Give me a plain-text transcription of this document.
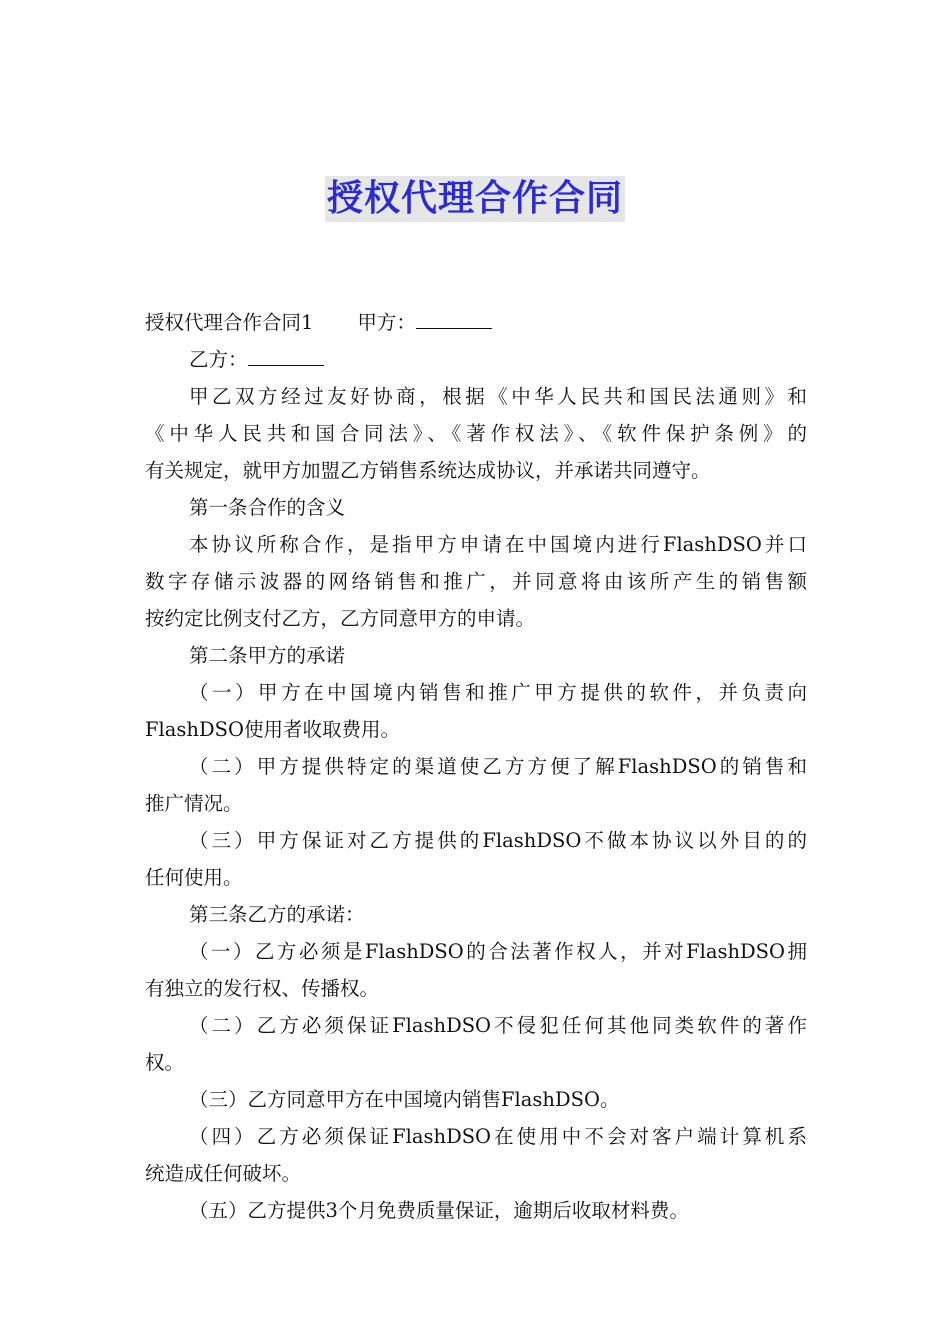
授权代理合作合同
授权代理合作合同1 甲方：
乙方：
甲乙双方经过友好协商，根据《中华人民共和国民法通则》和
《中华人民共和国合同法》、《著作权法》、《软件保护条例》的
有关规定，就甲方加盟乙方销售系统达成协议，并承诺共同遵守。
第一条合作的含义
本协议所称合作，是指甲方申请在中国境内进行FlashDSO并口
数字存储示波器的网络销售和推广，并同意将由该所产生的销售额
按约定比例支付乙方，乙方同意甲方的申请。
第二条甲方的承诺
（一）甲方在中国境内销售和推广甲方提供的软件，并负责向
FlashDSO使用者收取费用。
（二）甲方提供特定的渠道使乙方方便了解FlashDSO的销售和
推广情况。
（三）甲方保证对乙方提供的FlashDSO不做本协议以外目的的
任何使用。
第三条乙方的承诺：
（一）乙方必须是FlashDSO的合法著作权人，并对FlashDSO拥
有独立的发行权、传播权。
（二）乙方必须保证FlashDSO不侵犯任何其他同类软件的著作
权。
（三）乙方同意甲方在中国境内销售FlashDSO。
（四）乙方必须保证FlashDSO在使用中不会对客户端计算机系
统造成任何破坏。
（五）乙方提供3个月免费质量保证，逾期后收取材料费。
